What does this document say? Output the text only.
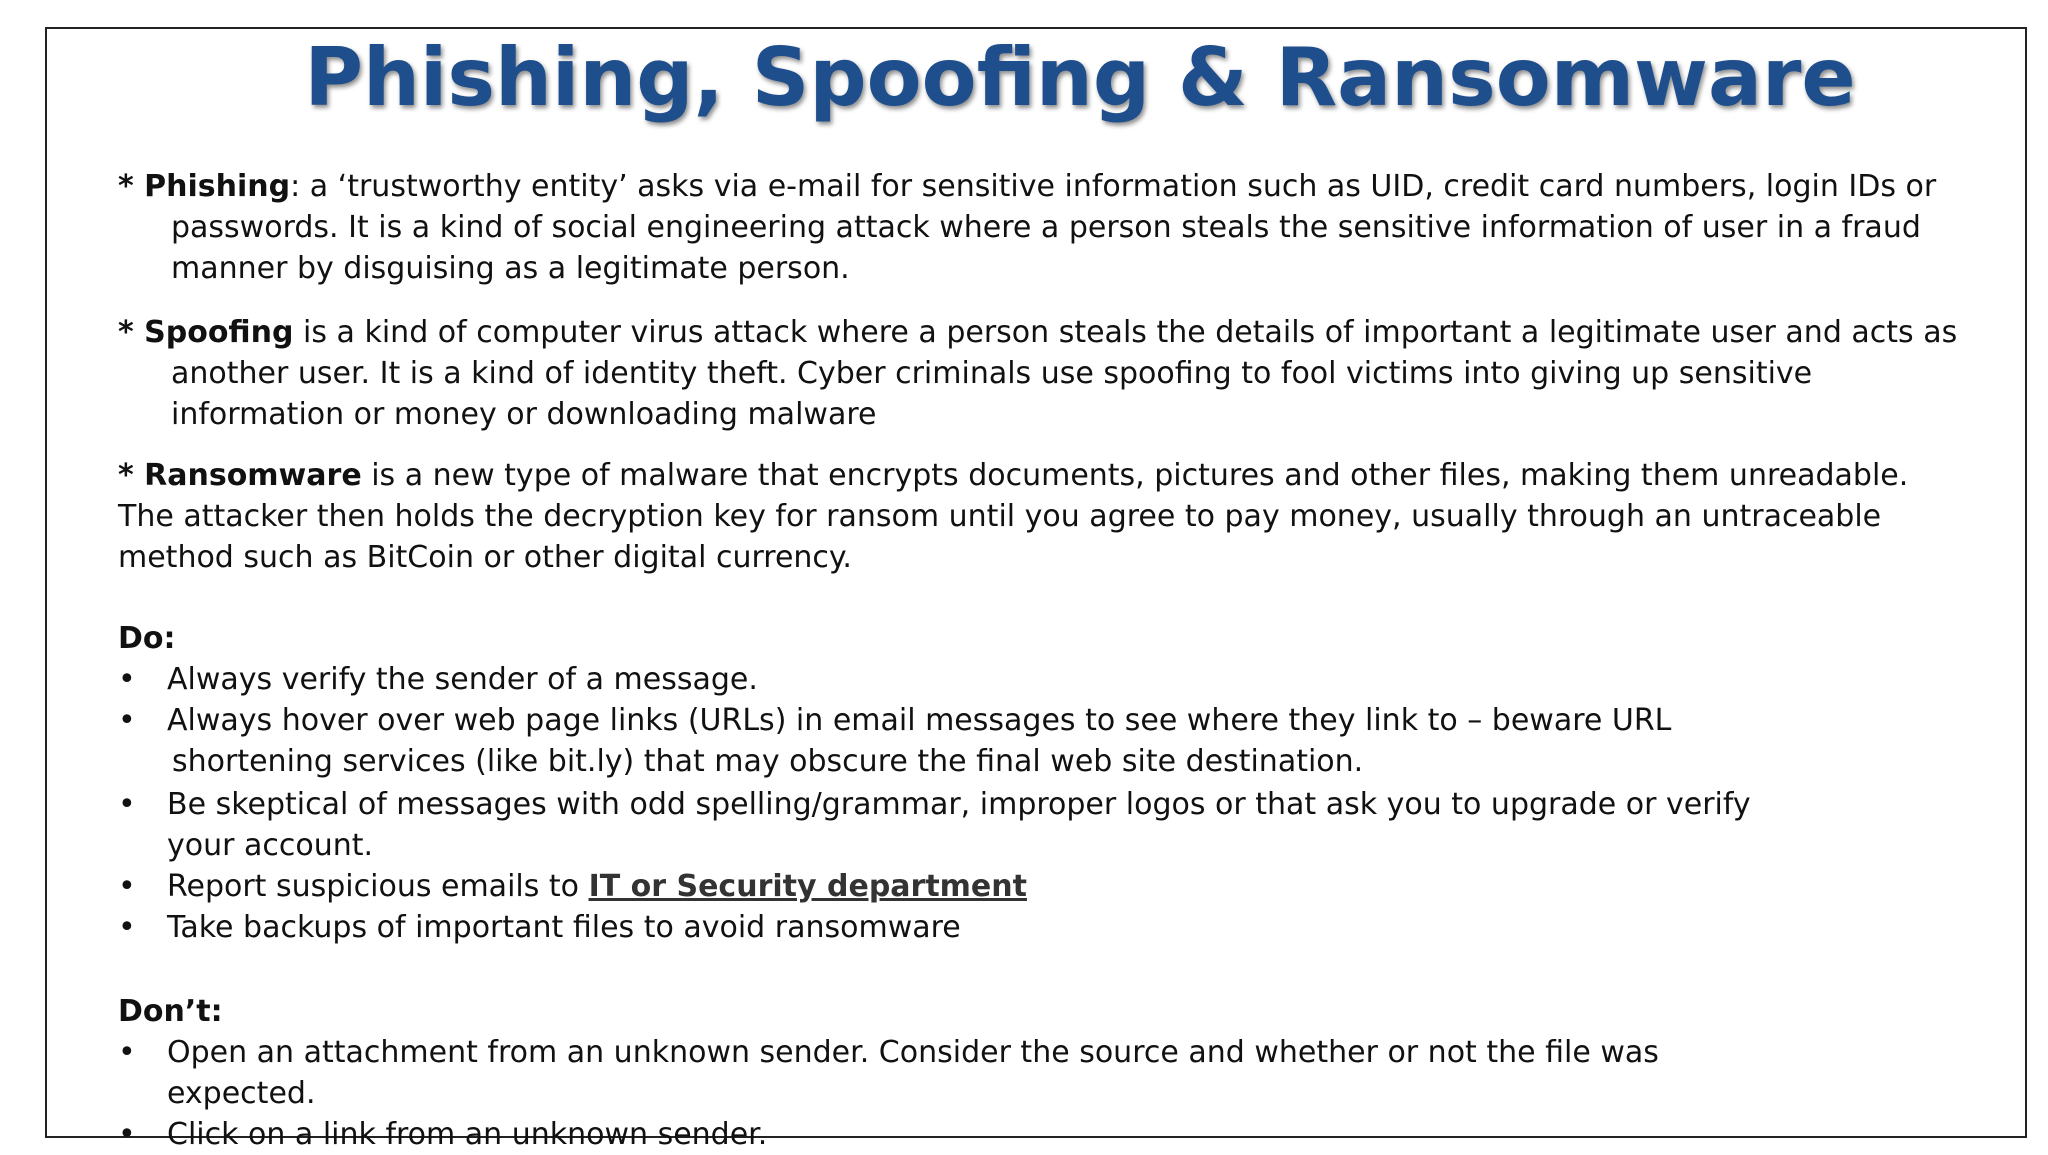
Phishing, Spoofing & Ransomware
* Phishing: a ‘trustworthy entity’ asks via e-mail for sensitive information such as UID, credit card numbers, login IDs or
passwords. It is a kind of social engineering attack where a person steals the sensitive information of user in a fraud
manner by disguising as a legitimate person.
* Spoofing is a kind of computer virus attack where a person steals the details of important a legitimate user and acts as
another user. It is a kind of identity theft. Cyber criminals use spoofing to fool victims into giving up sensitive
information or money or downloading malware
* Ransomware is a new type of malware that encrypts documents, pictures and other files, making them unreadable.
The attacker then holds the decryption key for ransom until you agree to pay money, usually through an untraceable
method such as BitCoin or other digital currency.
Do:
• Always verify the sender of a message.
• Always hover over web page links (URLs) in email messages to see where they link to – beware URL
shortening services (like bit.ly) that may obscure the final web site destination.
• Be skeptical of messages with odd spelling/grammar, improper logos or that ask you to upgrade or verify
your account.
• Report suspicious emails to IT or Security department
• Take backups of important files to avoid ransomware
Don’t:
• Open an attachment from an unknown sender. Consider the source and whether or not the file was
expected.
• Click on a link from an unknown sender.
